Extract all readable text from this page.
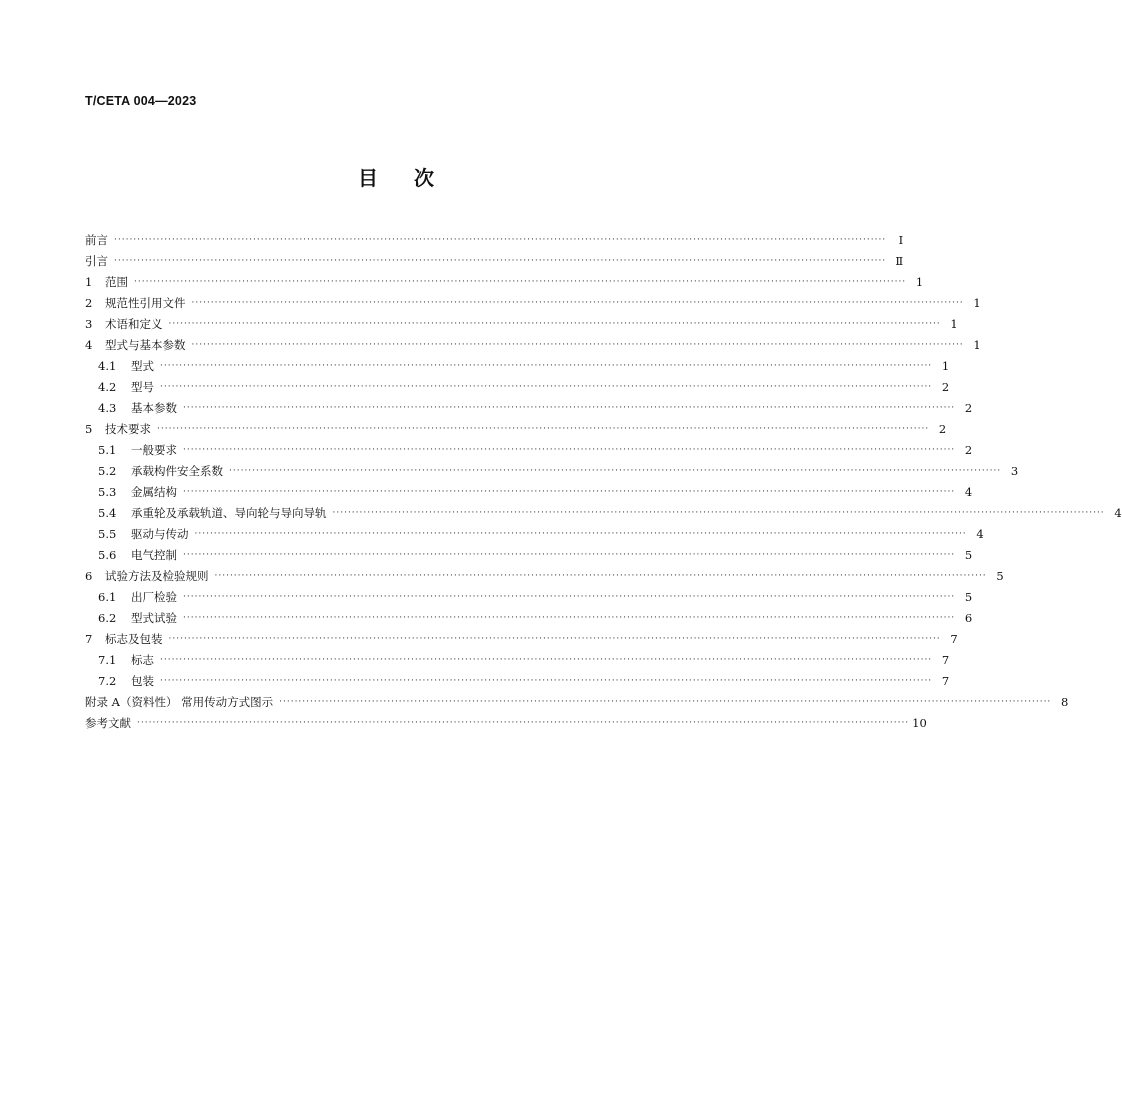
T/CETA 004—2023
目 次
前言 ········································································································································································································	Ⅰ
引言 ········································································································································································································ Ⅱ
1	范围 ········································································································································································································ 1
2	规范性引用文件 ········································································································································································································ 1
3	术语和定义 ········································································································································································································ 1
4	型式与基本参数 ········································································································································································································ 1
4.1	型式 ········································································································································································································ 1
4.2	型号 ········································································································································································································ 2
4.3	基本参数 ········································································································································································································ 2
5	技术要求 ········································································································································································································ 2
5.1	一般要求 ········································································································································································································ 2
5.2	承载构件安全系数 ········································································································································································································ 3
5.3	金属结构 ········································································································································································································ 4
5.4	承重轮及承载轨道、导向轮与导向导轨 ········································································································································································································ 4
5.5	驱动与传动 ········································································································································································································ 4
5.6	电气控制 ········································································································································································································ 5
6	试验方法及检验规则 ········································································································································································································ 5
6.1	出厂检验 ········································································································································································································ 5
6.2	型式试验 ········································································································································································································ 6
7	标志及包装 ········································································································································································································ 7
7.1	标志 ········································································································································································································ 7
7.2	包装 ········································································································································································································ 7
附录 A（资料性） 常用传动方式图示 ········································································································································································································ 8
参考文献 ········································································································································································································ 10
